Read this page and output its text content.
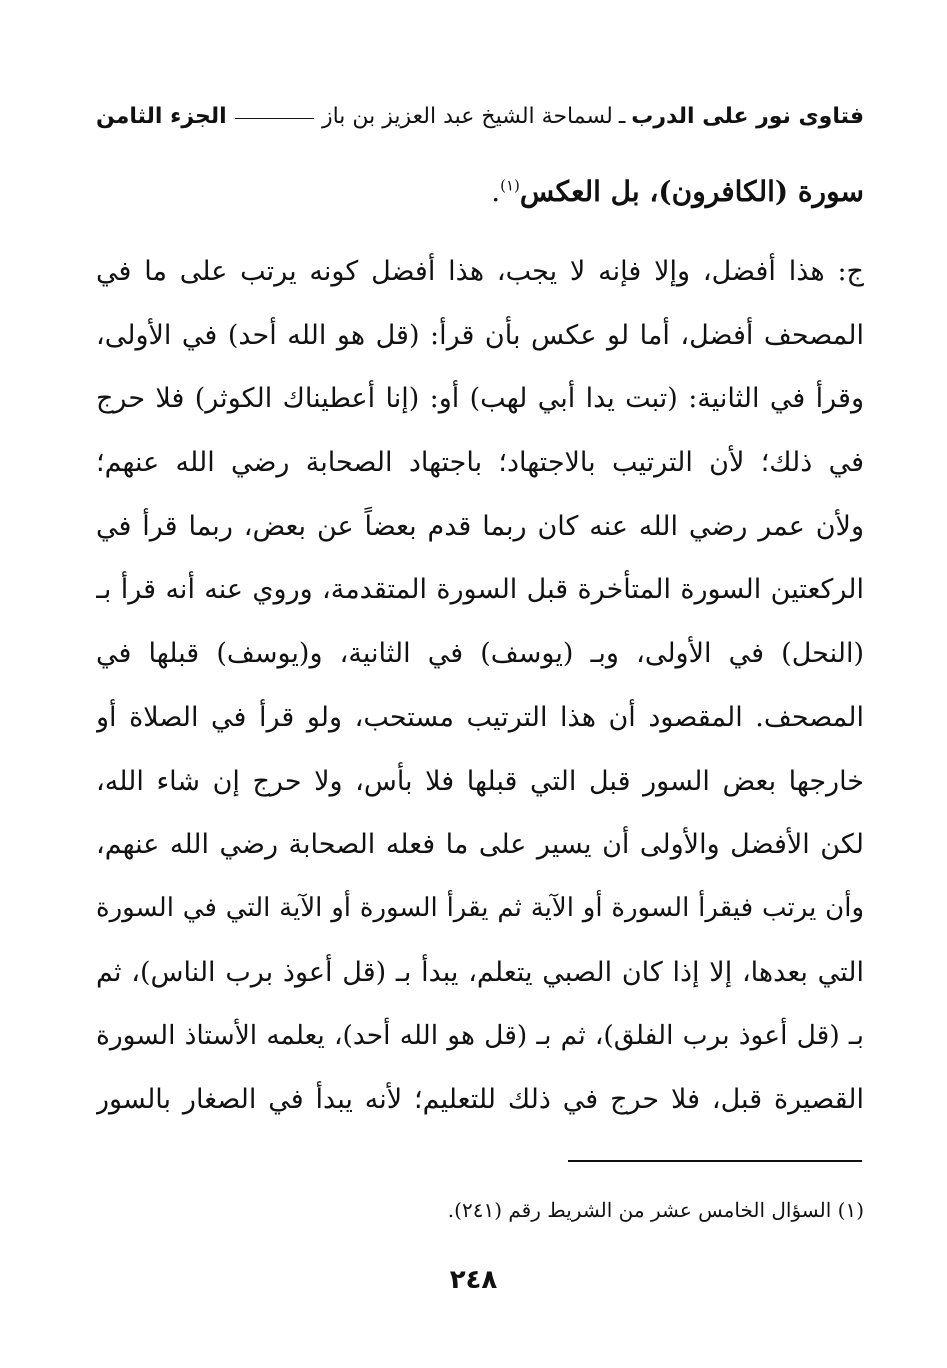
فتاوى نور على الدرب
ـ
لسماحة الشيخ عبد العزيز بن باز
الجزء الثامن
سورة (الكافرون)، بل العكس$^{(١)}$.
ج: هذا أفضل، وإلا فإنه لا يجب، هذا أفضل كونه يرتب على ما في
المصحف أفضل، أما لو عكس بأن قرأ: (قل هو الله أحد) في الأولى،
وقرأ في الثانية: (تبت يدا أبي لهب) أو: (إنا أعطيناك الكوثر) فلا حرج
في ذلك؛ لأن الترتيب بالاجتهاد؛ باجتهاد الصحابة رضي الله عنهم؛
ولأن عمر رضي الله عنه كان ربما قدم بعضاً عن بعض، ربما قرأ في
الركعتين السورة المتأخرة قبل السورة المتقدمة، وروي عنه أنه قرأ بـ
(النحل) في الأولى، وبـ (يوسف) في الثانية، و(يوسف) قبلها في
المصحف. المقصود أن هذا الترتيب مستحب، ولو قرأ في الصلاة أو
خارجها بعض السور قبل التي قبلها فلا بأس، ولا حرج إن شاء الله،
لكن الأفضل والأولى أن يسير على ما فعله الصحابة رضي الله عنهم،
وأن يرتب فيقرأ السورة أو الآية ثم يقرأ السورة أو الآية التي في السورة
التي بعدها، إلا إذا كان الصبي يتعلم، يبدأ بـ (قل أعوذ برب الناس)، ثم
بـ (قل أعوذ برب الفلق)، ثم بـ (قل هو الله أحد)، يعلمه الأستاذ السورة
القصيرة قبل، فلا حرج في ذلك للتعليم؛ لأنه يبدأ في الصغار بالسور
(١) السؤال الخامس عشر من الشريط رقم (٢٤١).
٢٤٨
